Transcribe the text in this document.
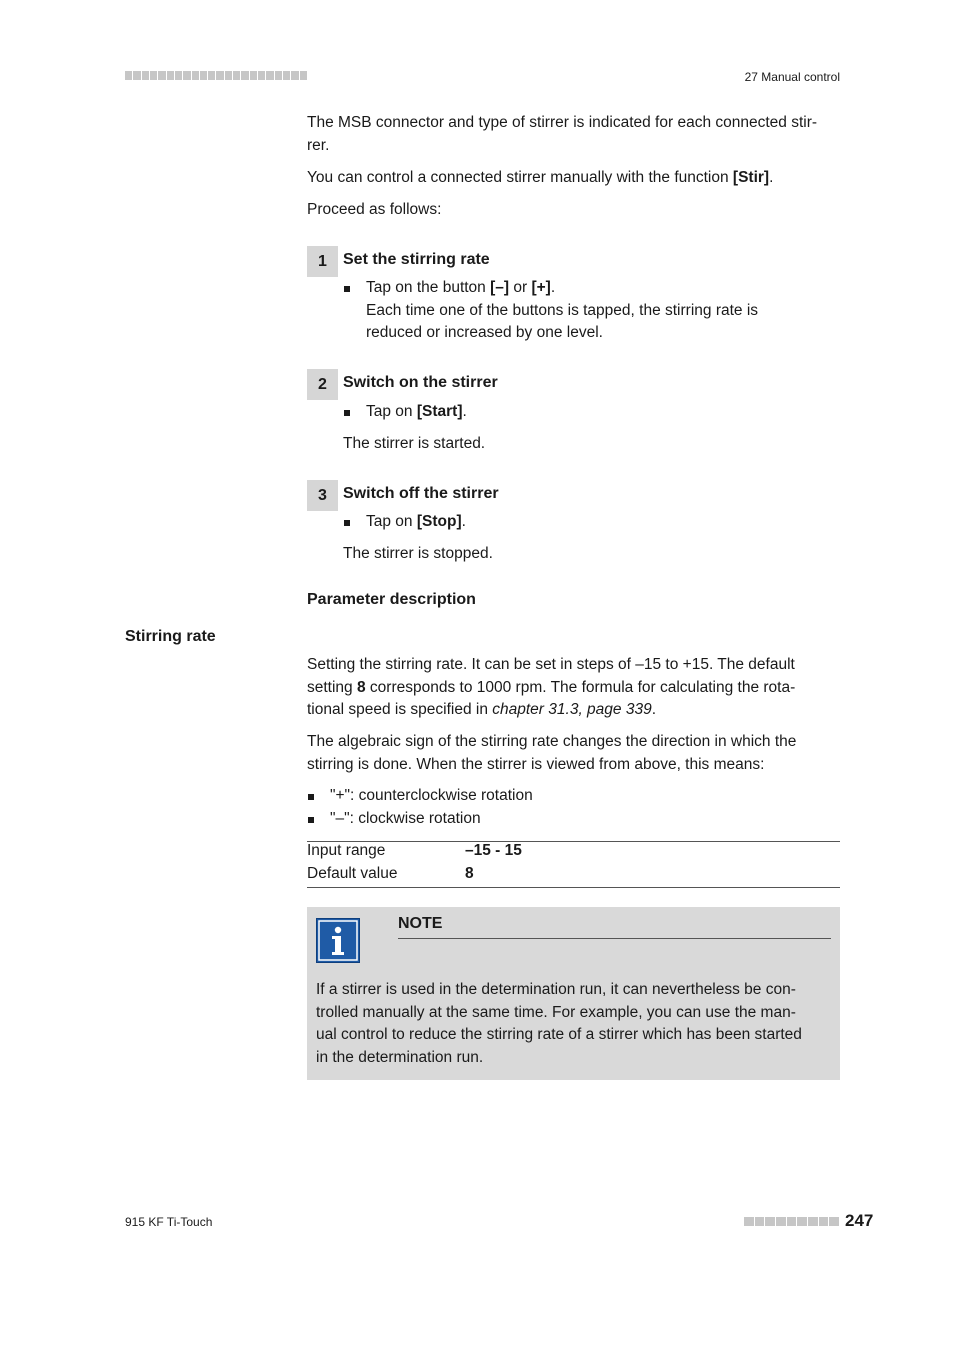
27 Manual control
The MSB connector and type of stirrer is indicated for each connected stir-
rer.
You can control a connected stirrer manually with the function [Stir].
Proceed as follows:
1	Set the stirring rate
Tap on the button [–] or [+].
Each time one of the buttons is tapped, the stirring rate is
reduced or increased by one level.
2	Switch on the stirrer
Tap on [Start].
The stirrer is started.
3	Switch off the stirrer
Tap on [Stop].
The stirrer is stopped.
Parameter description
Stirring rate
Setting the stirring rate. It can be set in steps of –15 to +15. The default
setting 8 corresponds to 1000 rpm. The formula for calculating the rota-
tional speed is specified in chapter 31.3, page 339.
The algebraic sign of the stirring rate changes the direction in which the
stirring is done. When the stirrer is viewed from above, this means:
"+": counterclockwise rotation
"–": clockwise rotation
Input range	–15 - 15
Default value	8
NOTE
If a stirrer is used in the determination run, it can nevertheless be con-
trolled manually at the same time. For example, you can use the man-
ual control to reduce the stirring rate of a stirrer which has been started
in the determination run.
915 KF Ti-Touch	247
